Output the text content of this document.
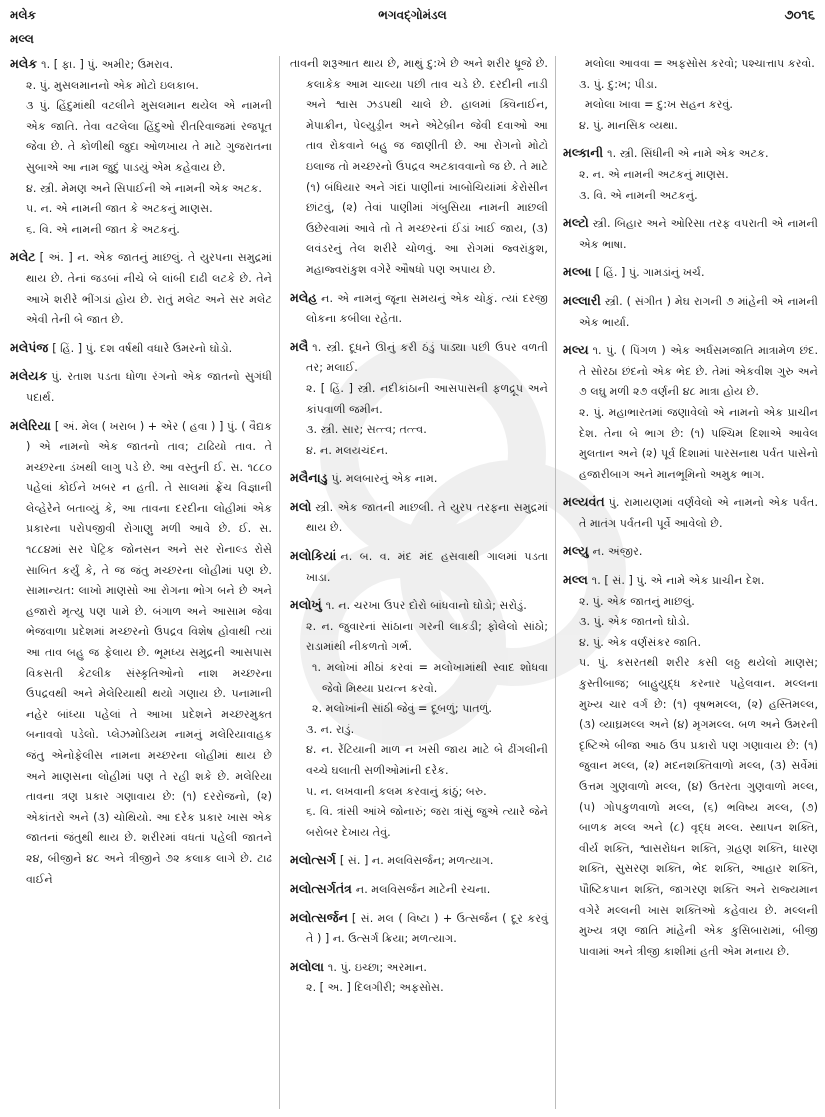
મલેક
મલ્લ
ભગવદ્ગોમંડલ	૭૦૧૬

મલેક ૧. [ ફા. ] પું. અમીર; ઉમરાવ.

૨. પું. મુસલમાનનો એક મોટો ઇલકાબ.

૩ પું. હિંદુમાંથી વટલીને મુસલમાન થયેલ એ નામની એક જાતિ. તેવા વટલેલા હિંદુઓ રીતરિવાજમાં રજપૂત જેવા છે. તે કોળીથી જુદા ઓળખાય તે માટે ગુજરાતના સુબાએ આ નામ જુદું પાડયું એમ કહેવાય છે.

૪. સ્ત્રી. મેમણ અને સિપાઈની એ નામની એક અટક.

૫. ન. એ નામની જાત કે અટકનું માણસ.

૬. વિ. એ નામની જાત કે અટકનું.

મલેટ [ અં. ] ન. એક જાતનું માછલું. તે યુરપના સમુદ્રમાં થાય છે. તેનાં જડબાં નીચે બે લાંબી દાઢી લટકે છે. તેને આખે શરીરે ભીંગડાં હોય છે. રાતું મલેટ અને સર મલેટ એવી તેની બે જાત છે.

મલેપંજ [ હિં. ] પું. દશ વર્ષથી વધારે ઉમરનો ઘોડો.

મલેયક પું. રતાશ પડતા ધોળા રંગનો એક જાતનો સુગંધી પદાર્થ.

મલેરિયા [ અં. મેલ ( ખરાબ ) + એર ( હવા ) ] પું. ( વૈદ્યક ) એ નામનો એક જાતનો તાવ; ટાઢિયો તાવ. તે મચ્છરના ડંખથી લાગુ પડે છે. આ વસ્તુની ઈ. સ. ૧૮૮૦ પહેલાં કોઈને ખબર ન હતી. તે સાલમાં ફ્રેંચ વિજ્ઞાની લેવ્હેરેને બતાવ્યું કે, આ તાવના દરદીના લોહીમાં એક પ્રકારના પરોપજીવી રોગાણુ મળી આવે છે. ઈ. સ. ૧૮૮૪માં સર પેટ્રિક જોનસન અને સર રોનાલ્ડ રોસે સાબિત કર્યું કે, તે જ જંતુ મચ્છરના લોહીમાં પણ છે. સામાન્યત: લાખો માણસો આ રોગના ભોગ બને છે અને હજારો મૃત્યુ પણ પામે છે. બંગાળ અને આસામ જેવા ભેજવાળા પ્રદેશમાં મચ્છરનો ઉપદ્રવ વિશેષ હોવાથી ત્યાં આ તાવ બહુ જ ફેલાય છે. ભૂમધ્ય સમુદ્રની આસપાસ વિકસતી કેટલીક સંસ્કૃતિઓનો નાશ મચ્છરના ઉપદ્રવથી અને મેલેરિયાથી થયો ગણાય છે. પનામાની નહેર બાંધ્યા પહેલાં તે આખા પ્રદેશને મચ્છરમુક્ત બનાવવો પડેલો. પ્લેઝમોડિયમ નામનું મલેરિયાવાહક જંતુ એનોફેલીસ નામના મચ્છરના લોહીમાં થાય છે અને માણસના લોહીમાં પણ તે રહી શકે છે. મલેરિયા તાવના ત્રણ પ્રકાર ગણાવાય છે: (૧) દરરોજનો, (૨) એકાંતરો અને (૩) ચોથિયો. આ દરેક પ્રકાર ખાસ એક જાતનાં જંતુથી થાય છે. શરીરમાં વધતાં પહેલી જાતને ૨૪, બીજીને ૪૮ અને ત્રીજીને ૭૨ કલાક લાગે છે. ટાઢ વાઈને

તાવની શરૂઆત થાય છે, માથું દુ:ખે છે અને શરીર ધ્રૂજે છે. કલાકેક આમ ચાલ્યા પછી તાવ ચડે છે. દરદીની નાડી અને શ્વાસ ઝડપથી ચાલે છે. હાલમાં ક્વિનાઈન, મેપાક્રીન, પેલ્યુડ્રીન અને એટેબ્રીન જેવી દવાઓ આ તાવ રોકવાને બહુ જ જાણીતી છે. આ રોગનો મોટો ઇલાજ તો મચ્છરનો ઉપદ્રવ અટકાવવાનો જ છે. તે માટે (૧) બંધિયાર અને ગંદાં પાણીનાં ખાબોચિયાંમાં કેરોસીન છાંટવું, (૨) તેવાં પાણીમાં ગંબુસિયા નામની માછલી ઉછેરવામાં આવે તો તે મચ્છરનાં ઈંડાં ખાઈ જાય, (૩) લવંડરનું તેલ શરીરે ચોળવું. આ રોગમાં જ્વરાંકુશ, મહાજ્વરાંકુશ વગેરે ઔષધો પણ અપાય છે.

મલેહ ન. એ નામનું જૂના સમયનું એક ચોકું. ત્યાં દરજી લોકના કબીલા રહેતા.

મલૈ ૧. સ્ત્રી. દૂધને ઊનું કરી ઠંડું પાડ્યા પછી ઉપર વળતી તર; મલાઈ.

૨. [ હિં. ] સ્ત્રી. નદીકાંઠાની આસપાસની ફળદ્રૂપ અને કાંપવાળી જમીન.

૩. સ્ત્રી. સાર; સત્ત્વ; તત્ત્વ.

૪. ન. મલયચંદન.

મલૈનાડુ પું. મલબારનું એક નામ.

મલો સ્ત્રી. એક જાતની માછલી. તે યુરપ તરફના સમુદ્રમાં થાય છે.

મલોકિયાં ન. બ. વ. મંદ મંદ હસવાથી ગાલમાં પડતા ખાડા.

મલોખું ૧. ન. ચરખા ઉપર દોરો બાંધવાનો ઘોડો; સરોડું.

૨. ન. જુવારનાં સાંઠાના ગરની લાકડી; ફોલેલો સાંઠો; રાડામાંથી નીકળતો ગર્ભ.

૧. મલોખાં મીઠાં કરવાં = મલોખામાંથી સ્વાદ શોધવા જેવો મિથ્યા પ્રયત્ન કરવો.

૨. મલોખાંની સાંઠી જેવું = દૂબળું; પાતળું.

૩. ન. રાડું.

૪. ન. રેંટિયાની માળ ન ખસી જાય માટે બે ઢીંગલીની વચ્ચે ઘલાતી સળીઓમાંની દરેક.

૫. ન. લખવાની કલમ કરવાનું કાંઠું; બરુ.

૬. વિ. ત્રાંસી આંખે જોનારું; જરા ત્રાંસું જુએ ત્યારે જેને બરોબર દેખાય તેવું.

મલોત્સર્ગ [ સં. ] ન. મલવિસર્જન; મળત્યાગ.

મલોત્સર્ગતંત્ર ન. મલવિસર્જન માટેની રચના.

મલોત્સર્જન [ સં. મલ ( વિષ્ટા ) + ઉત્સર્જન ( દૂર કરવું તે ) ] ન. ઉત્સર્ગ ક્રિયા; મળત્યાગ.

મલોલા ૧. પું. ઇચ્છા; અરમાન.

૨. [ અ. ] દિલગીરી; અફસોસ.

મલોલા આવવા = અફસોસ કરવો; પશ્ચાત્તાપ કરવો.

૩. પું. દુ:ખ; પીડા.

મલોલા ખાવા = દુ:ખ સહન કરવું.

૪. પું. માનસિક વ્યથા.

મલ્કાની ૧. સ્ત્રી. સિંધીની એ નામે એક અટક.

૨. ન. એ નામની અટકનું માણસ.

૩. વિ. એ નામની અટકનું.

મલ્ટો સ્ત્રી. બિહાર અને ઓરિસા તરફ વપરાતી એ નામની એક ભાષા.

મલ્બા [ હિં. ] પું. ગામડાંનું ખર્ચ.

મલ્લારી સ્ત્રી. ( સંગીત ) મેઘ રાગની ૭ માંહેની એ નામની એક ભાર્યા.

મલ્ય ૧. પું. ( પિંગળ ) એક અર્ધસમજાતિ માત્રામેળ છંદ. તે સોરઠા છંદનો એક ભેદ છે. તેમાં એકવીશ ગુરુ અને ૭ લઘુ મળી ૨૭ વર્ણની ૪૮ માત્રા હોય છે.

૨. પું. મહાભારતમાં જણાવેલો એ નામનો એક પ્રાચીન દેશ. તેના બે ભાગ છે: (૧) પશ્ચિમ દિશાએ આવેલ મુલતાન અને (૨) પૂર્વ દિશામાં પારસનાથ પર્વત પાસેનો હજારીબાગ અને માનભૂમિનો અમુક ભાગ.

મલ્યવંત પું. રામાયણમાં વર્ણવેલો એ નામનો એક પર્વત. તે માતંગ પર્વતની પૂર્વે આવેલો છે.

મલ્યુ ન. અંજીર.

મલ્લ ૧. [ સં. ] પું. એ નામે એક પ્રાચીન દેશ.

૨. પું. એક જાતનું માછલું.

૩. પું. એક જાતનો ઘોડો.

૪. પું. એક વર્ણસંકર જાતિ.

૫. પું. કસરતથી શરીર કસી લઠ્ઠ થયેલો માણસ; કુસ્તીબાજ; બાહુયુદ્ધ કરનાર પહેલવાન. મલ્લના મુખ્ય ચાર વર્ગ છે: (૧) વૃષભમલ્લ, (૨) હસ્તિમલ્લ, (૩) વ્યાઘ્રમલ્લ અને (૪) મૃગમલ્લ. બળ અને ઉમરની દૃષ્ટિએ બીજા આઠ ઉપ પ્રકારો પણ ગણાવાય છે: (૧) જુવાન મલ્લ, (૨) મદનશક્તિવાળો મલ્લ, (૩) સર્વેમાં ઉત્તમ ગુણવાળો મલ્લ, (૪) ઉતરતા ગુણવાળો મલ્લ, (૫) ગોપકુળવાળો મલ્લ, (૬) ભવિષ્ય મલ્લ, (૭) બાળક મલ્લ અને (૮) વૃદ્ધ મલ્લ. સ્થાપન શક્તિ, વીર્ય શક્તિ, શ્વાસરોધન શક્તિ, ગ્રહણ શક્તિ, ધારણ શક્તિ, સુસરણ શક્તિ, ભેદ શક્તિ, આહાર શક્તિ, પૌષ્ટિકપાન શક્તિ, જાગરણ શક્તિ અને રાજ્યમાન વગેરે મલ્લની ખાસ શક્તિઓ કહેવાય છે. મલ્લની મુખ્ય ત્રણ જાતિ માંહેની એક કુસિબારામાં, બીજી પાવામાં અને ત્રીજી કાશીમાં હતી એમ મનાય છે.
